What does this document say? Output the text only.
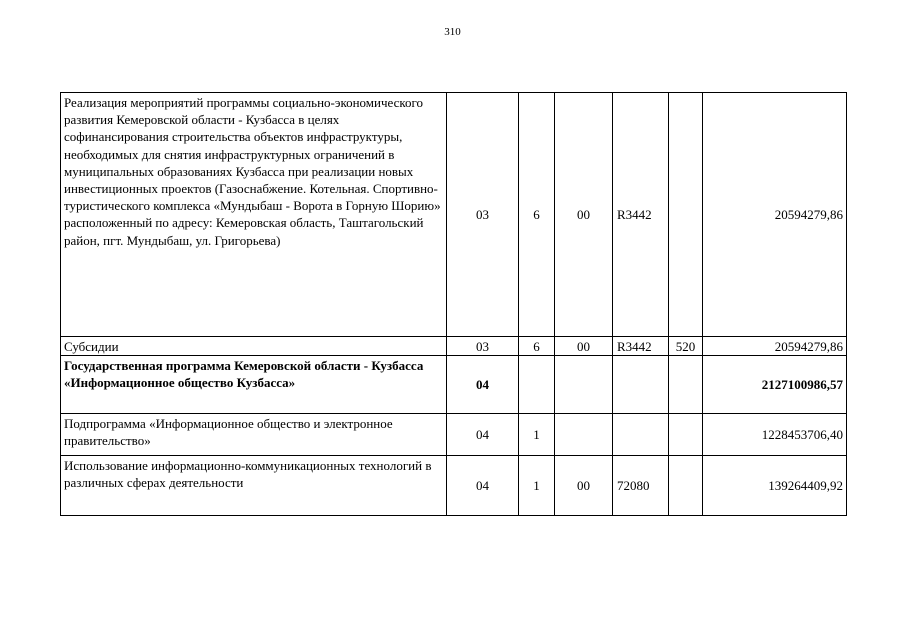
310
Реализация мероприятий программы социально-экономического развития Кемеровской области - Кузбасса в целях софинансирования строительства объектов инфраструктуры, необходимых для снятия инфраструктурных ограничений в муниципальных образованиях Кузбасса при реализации новых инвестиционных проектов (Газоснабжение. Котельная. Спортивно-туристического комплекса «Мундыбаш - Ворота в Горную Шорию» расположенный по адресу: Кемеровская область, Таштагольский район, пгт. Мундыбаш, ул. Григорьева)	03	6	00	R3442		20594279,86
Субсидии	03	6	00	R3442	520	20594279,86
Государственная программа Кемеровской области - Кузбасса «Информационное общество Кузбасса»	04					2127100986,57
Подпрограмма «Информационное общество и электронное правительство»	04	1				1228453706,40
Использование информационно-коммуникационных технологий в различных сферах деятельности	04	1	00	72080		139264409,92
